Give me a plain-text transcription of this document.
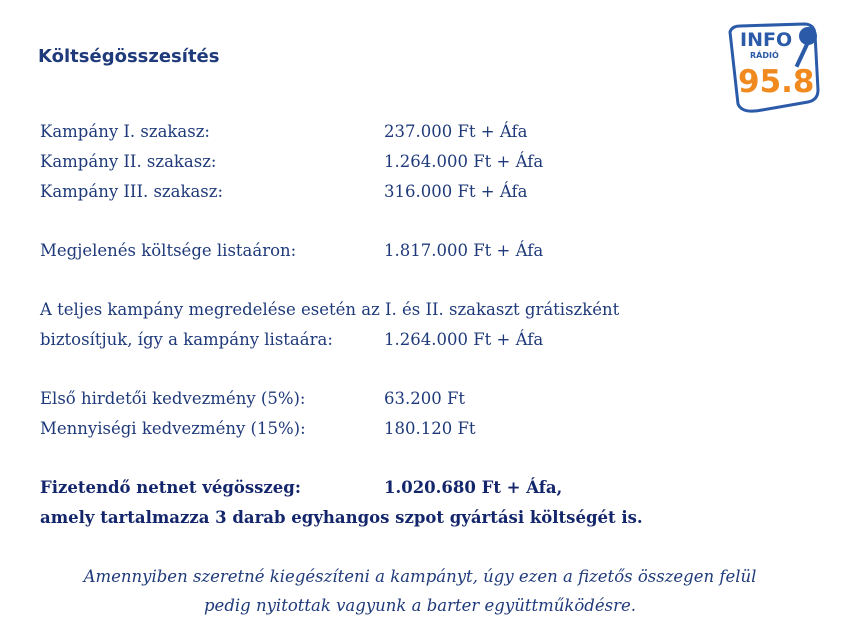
Költségösszesítés
INFO
RÁDIÓ
95.8
Kampány I. szakasz:	237.000 Ft + Áfa
Kampány II. szakasz:	1.264.000 Ft + Áfa
Kampány III. szakasz:	316.000 Ft + Áfa
Megjelenés költsége listaáron:	1.817.000 Ft + Áfa
A teljes kampány megredelése esetén az I. és II. szakaszt grátiszként
biztosítjuk, így a kampány listaára:	1.264.000 Ft + Áfa
Első hirdetői kedvezmény (5%):	63.200 Ft
Mennyiségi kedvezmény (15%):	180.120 Ft
Fizetendő netnet végösszeg:	1.020.680 Ft + Áfa,
amely tartalmazza 3 darab egyhangos szpot gyártási költségét is.
Amennyiben szeretné kiegészíteni a kampányt, úgy ezen a fizetős összegen felül
pedig nyitottak vagyunk a barter együttműködésre.
